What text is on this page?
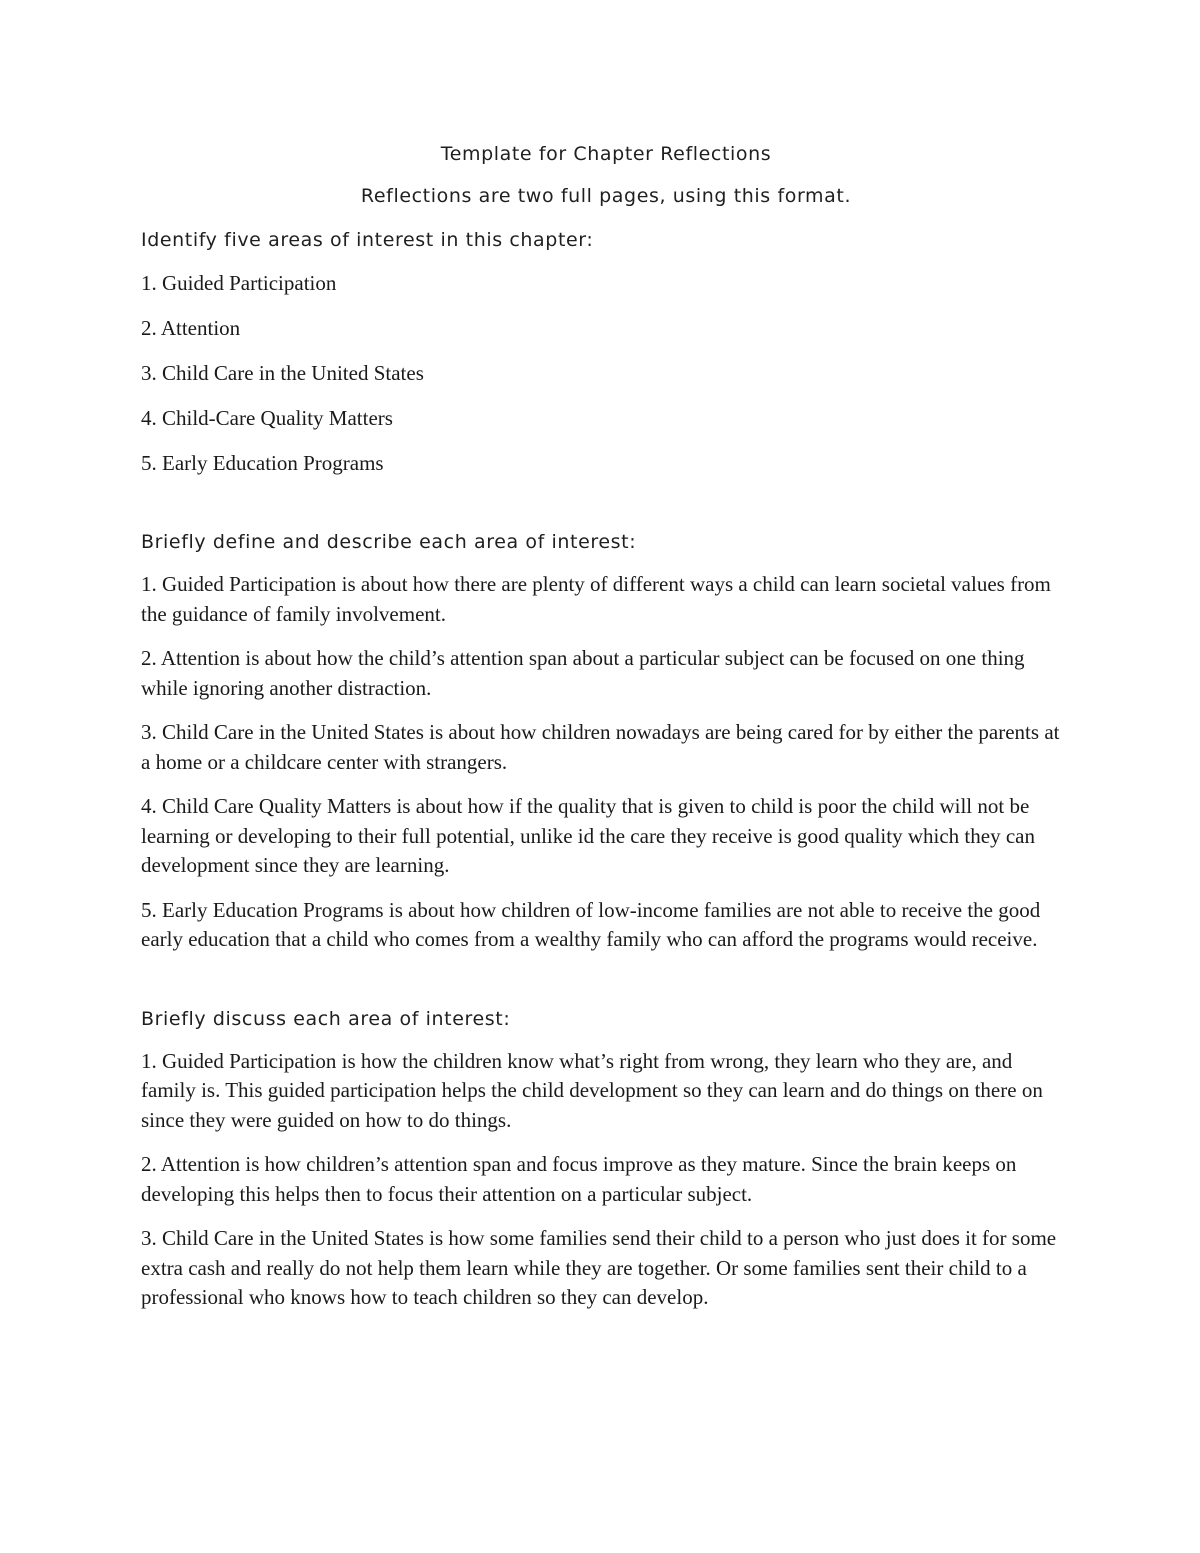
Template for Chapter Reflections

Reflections are two full pages, using this format.

Identify five areas of interest in this chapter:

1. Guided Participation
2. Attention
3. Child Care in the United States
4. Child-Care Quality Matters
5. Early Education Programs

Briefly define and describe each area of interest:

1. Guided Participation is about how there are plenty of different ways a child can learn societal values from the guidance of family involvement.
2. Attention is about how the child’s attention span about a particular subject can be focused on one thing while ignoring another distraction.
3. Child Care in the United States is about how children nowadays are being cared for by either the parents at a home or a childcare center with strangers.
4. Child Care Quality Matters is about how if the quality that is given to child is poor the child will not be learning or developing to their full potential, unlike id the care they receive is good quality which they can development since they are learning.
5. Early Education Programs is about how children of low-income families are not able to receive the good early education that a child who comes from a wealthy family who can afford the programs would receive.

Briefly discuss each area of interest:

1. Guided Participation is how the children know what’s right from wrong, they learn who they are, and family is. This guided participation helps the child development so they can learn and do things on there on since they were guided on how to do things.
2. Attention is how children’s attention span and focus improve as they mature. Since the brain keeps on developing this helps then to focus their attention on a particular subject.
3. Child Care in the United States is how some families send their child to a person who just does it for some extra cash and really do not help them learn while they are together. Or some families sent their child to a professional who knows how to teach children so they can develop.
